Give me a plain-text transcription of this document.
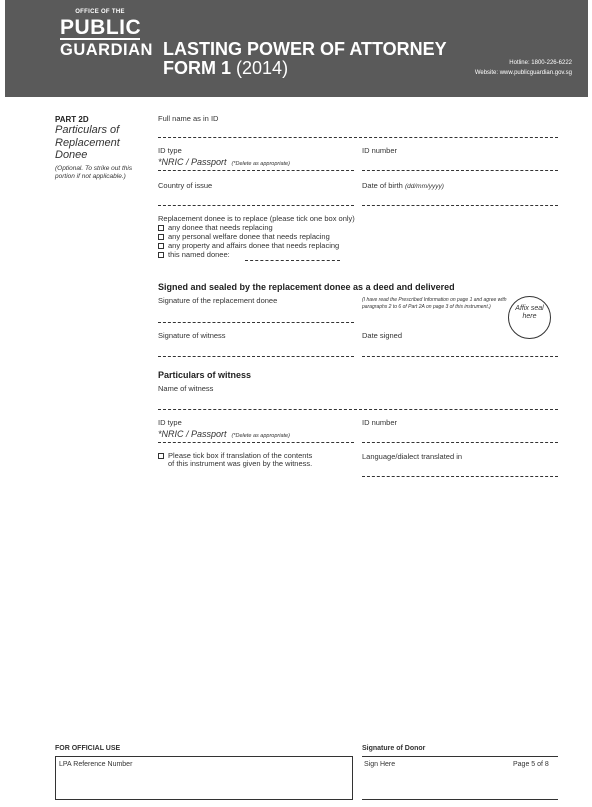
OFFICE OF THE
PUBLIC
GUARDIAN LASTING POWER OF ATTORNEY
FORM 1 (2014)	Hotline: 1800-226-6222
Website: www.publicguardian.gov.sg
PART 2D
Particulars of Replacement Donee
(Optional. To strike out this portion if not applicable.)
Full name as in ID
ID type
*NRIC / Passport (*Delete as appropriate)
ID number
Country of issue	Date of birth (dd/mm/yyyy)
Replacement donee is to replace (please tick one box only)
any donee that needs replacing
any personal welfare donee that needs replacing
any property and affairs donee that needs replacing
this named donee:
Signed and sealed by the replacement donee as a deed and delivered
Signature of the replacement donee	(I have read the Prescribed Information on page 1 and agree with paragraphs 2 to 6 of Part 2A on page 3 of this instrument.)	Affix seal here
Signature of witness	Date signed
Particulars of witness
Name of witness
ID type
*NRIC / Passport (*Delete as appropriate)
ID number
Please tick box if translation of the contents
of this instrument was given by the witness.
Language/dialect translated in
FOR OFFICIAL USE
LPA Reference Number
Signature of Donor
Sign Here	Page 5 of 8
